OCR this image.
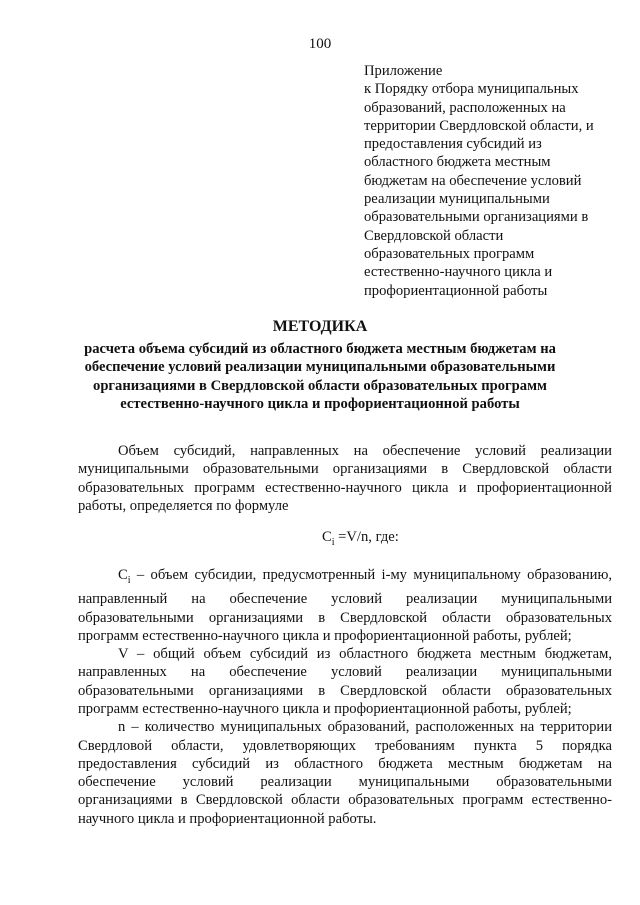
100
Приложение
к Порядку отбора муниципальных
образований, расположенных на
территории Свердловской области, и
предоставления субсидий из
областного бюджета местным
бюджетам на обеспечение условий
реализации муниципальными
образовательными организациями в
Свердловской области
образовательных программ
естественно-научного цикла и
профориентационной работы
МЕТОДИКА
расчета объема субсидий из областного бюджета местным бюджетам на
обеспечение условий реализации муниципальными образовательными
организациями в Свердловской области образовательных программ
естественно-научного цикла и профориентационной работы
Объем субсидий, направленных на обеспечение условий реализации
муниципальными образовательными организациями в Свердловской области
образовательных программ естественно-научного цикла и профориентационной
работы, определяется по формуле
$C_i =V/n$, где:
$C_i$ – объем субсидии, предусмотренный i-му муниципальному образованию,
направленный на обеспечение условий реализации муниципальными
образовательными организациями в Свердловской области образовательных
программ естественно-научного цикла и профориентационной работы, рублей;
V – общий объем субсидий из областного бюджета местным бюджетам,
направленных на обеспечение условий реализации муниципальными
образовательными организациями в Свердловской области образовательных
программ естественно-научного цикла и профориентационной работы, рублей;
n – количество муниципальных образований, расположенных на территории
Свердловой области, удовлетворяющих требованиям пункта 5 порядка
предоставления субсидий из областного бюджета местным бюджетам на
обеспечение условий реализации муниципальными образовательными
организациями в Свердловской области образовательных программ естественно-
научного цикла и профориентационной работы.
